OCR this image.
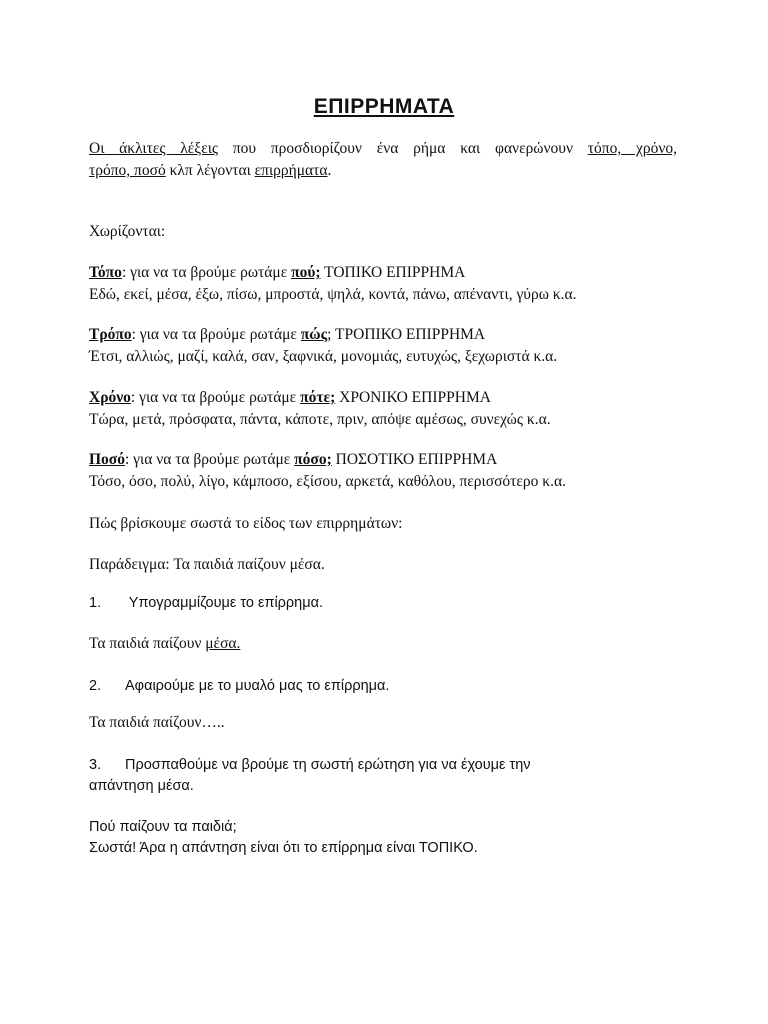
ΕΠΙΡΡΗΜΑΤΑ
Οι άκλιτες λέξεις που προσδιορίζουν ένα ρήμα και φανερώνουν τόπο, χρόνο,
τρόπο, ποσό κλπ λέγονται επιρρήματα.
Χωρίζονται:
Τόπο: για να τα βρούμε ρωτάμε πού; ΤΟΠΙΚΟ ΕΠΙΡΡΗΜΑ
Εδώ, εκεί, μέσα, έξω, πίσω, μπροστά, ψηλά, κοντά, πάνω, απέναντι, γύρω κ.α.
Τρόπο: για να τα βρούμε ρωτάμε πώς; ΤΡΟΠΙΚΟ ΕΠΙΡΡΗΜΑ
Έτσι, αλλιώς, μαζί, καλά, σαν, ξαφνικά, μονομιάς, ευτυχώς, ξεχωριστά κ.α.
Χρόνο: για να τα βρούμε ρωτάμε πότε; ΧΡΟΝΙΚΟ ΕΠΙΡΡΗΜΑ
Τώρα, μετά, πρόσφατα, πάντα, κάποτε, πριν, απόψε αμέσως, συνεχώς κ.α.
Ποσό: για να τα βρούμε ρωτάμε πόσο; ΠΟΣΟΤΙΚΟ ΕΠΙΡΡΗΜΑ
Τόσο, όσο, πολύ, λίγο, κάμποσο, εξίσου, αρκετά, καθόλου, περισσότερο κ.α.
Πώς βρίσκουμε σωστά το είδος των επιρρημάτων:
Παράδειγμα: Τα παιδιά παίζουν μέσα.
1. Υπογραμμίζουμε το επίρρημα.
Τα παιδιά παίζουν μέσα.
2. Αφαιρούμε με το μυαλό μας το επίρρημα.
Τα παιδιά παίζουν…..
3. Προσπαθούμε να βρούμε τη σωστή ερώτηση για να έχουμε την
απάντηση μέσα.
Πού παίζουν τα παιδιά;
Σωστά! Άρα η απάντηση είναι ότι το επίρρημα είναι ΤΟΠΙΚΟ.
